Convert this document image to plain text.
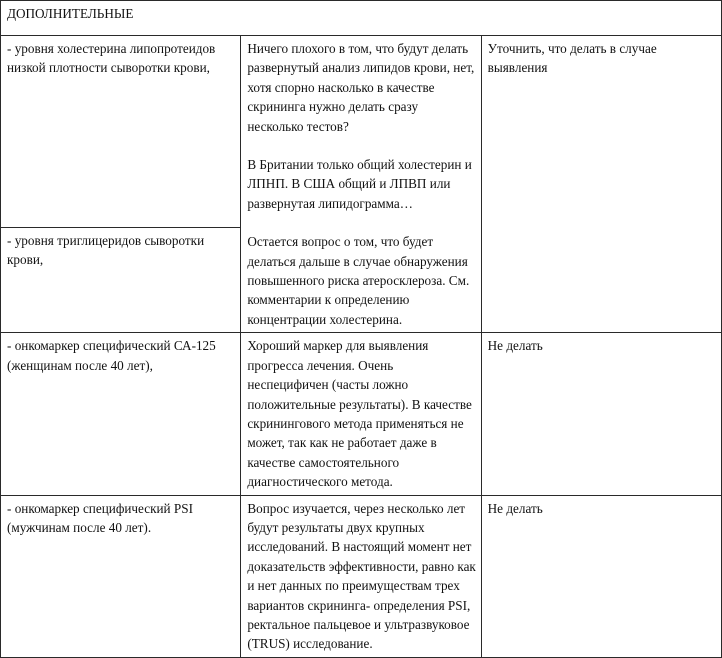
ДОПОЛНИТЕЛЬНЫЕ		
- уровня холестерина липопротеидов низкой плотности сыворотки крови,	Ничего плохого в том, что будут делать развернутый анализ липидов крови, нет, хотя спорно насколько в качестве скрининга нужно делать сразу несколько тестов?
В Британии только общий холестерин и ЛПНП. В США общий и ЛПВП или развернутая липидограмма…
Остается вопрос о том, что будет делаться дальше в случае обнаружения повышенного риска атеросклероза. См. комментарии к определению концентрации холестерина.	Уточнить, что делать в случае выявления
- уровня триглицеридов сыворотки крови,		
- онкомаркер специфический СА-125 (женщинам после 40 лет),	Хороший маркер для выявления прогресса лечения. Очень неспецифичен (часты ложно положительные результаты). В качестве скринингового метода применяться не может, так как не работает даже в качестве самостоятельного диагностического метода.	Не делать
- онкомаркер специфический PSI (мужчинам после 40 лет).	Вопрос изучается, через несколько лет будут результаты двух крупных исследований. В настоящий момент нет доказательств эффективности, равно как и нет данных по преимуществам трех вариантов скрининга- определения PSI, ректальное пальцевое и ультразвуковое (TRUS) исследование.	Не делать
